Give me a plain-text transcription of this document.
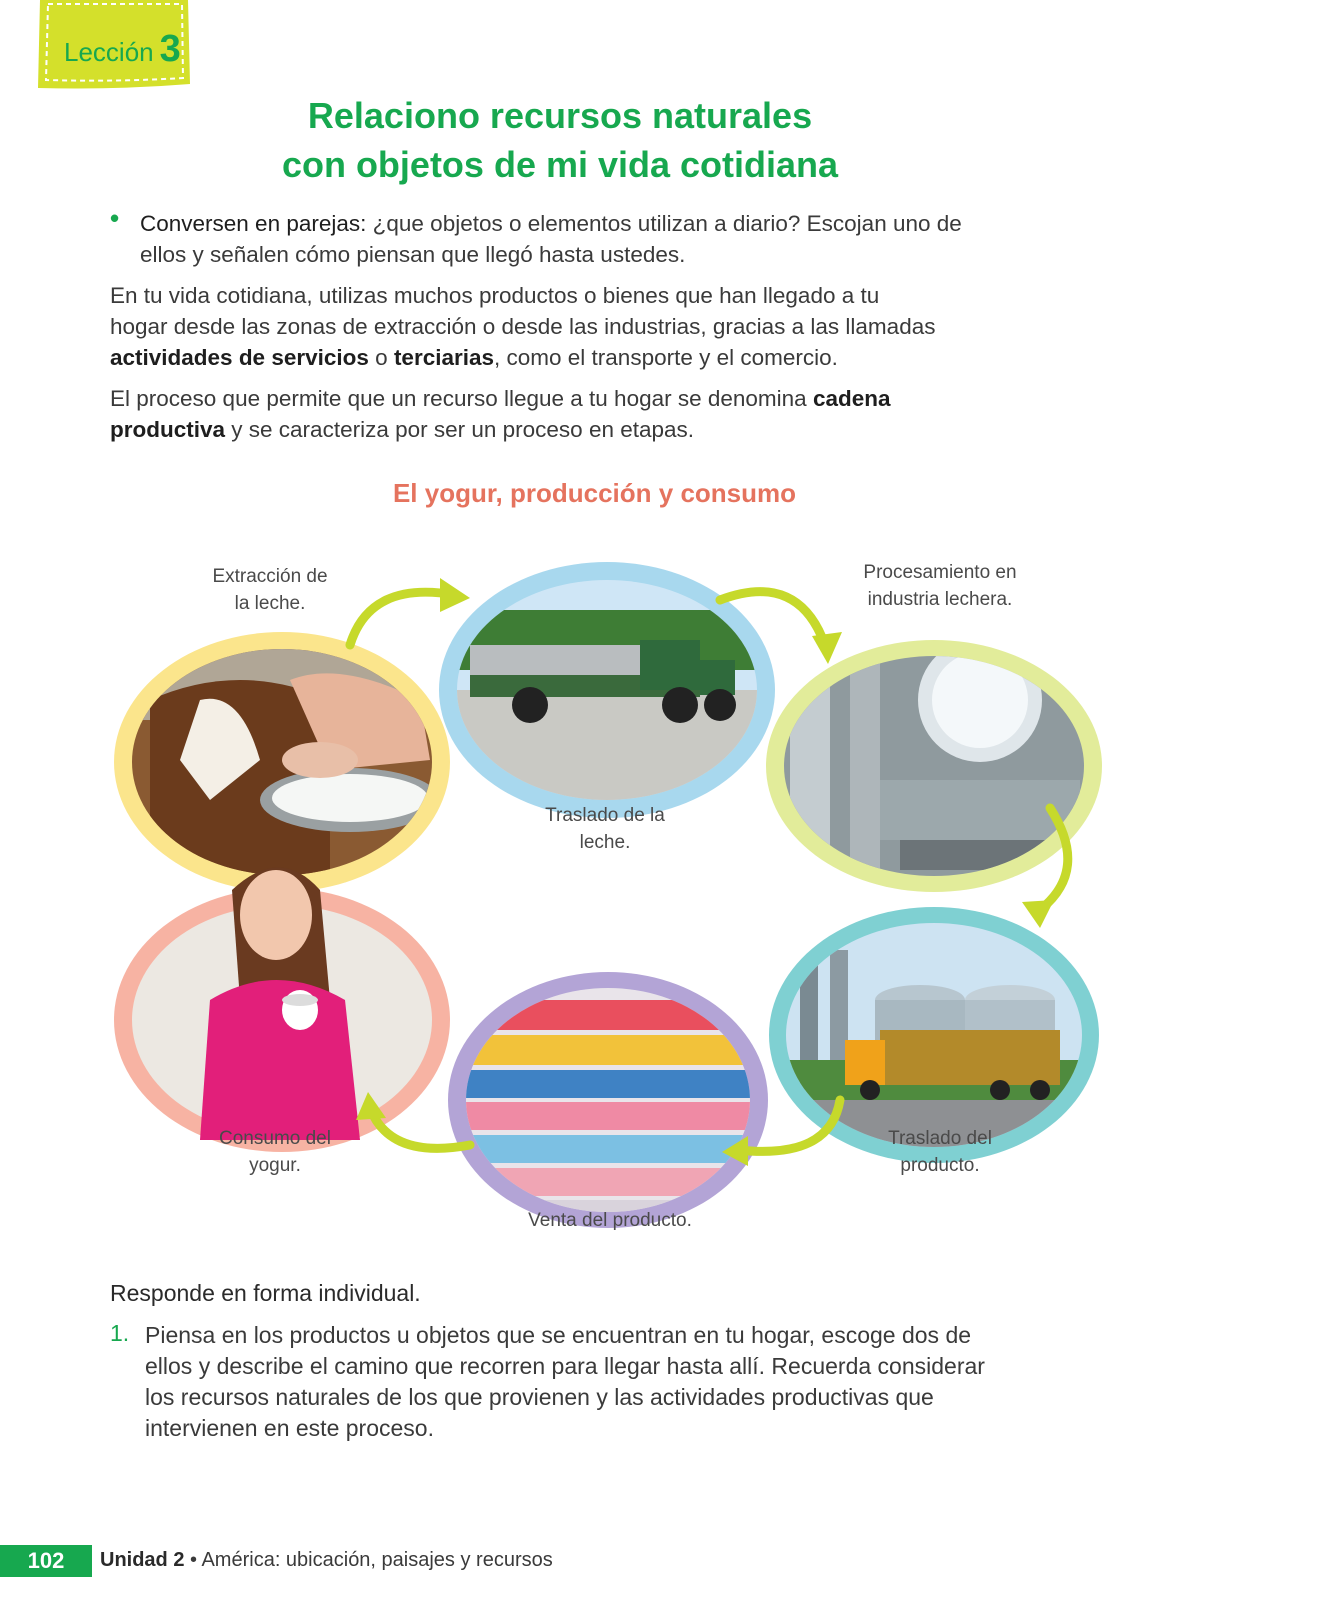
Lección 3
Relaciono recursos naturales
con objetos de mi vida cotidiana
• Conversen en parejas: ¿que objetos o elementos utilizan a diario? Escojan uno de
ellos y señalen cómo piensan que llegó hasta ustedes.
En tu vida cotidiana, utilizas muchos productos o bienes que han llegado a tu
hogar desde las zonas de extracción o desde las industrias, gracias a las llamadas
actividades de servicios o terciarias, como el transporte y el comercio.
El proceso que permite que un recurso llegue a tu hogar se denomina cadena
productiva y se caracteriza por ser un proceso en etapas.
El yogur, producción y consumo
Extracción de
la leche.
Traslado de la
leche.
Procesamiento en
industria lechera.
Traslado del
producto.
Venta del producto.
Consumo del
yogur.
Responde en forma individual.
1. Piensa en los productos u objetos que se encuentran en tu hogar, escoge dos de
ellos y describe el camino que recorren para llegar hasta allí. Recuerda considerar
los recursos naturales de los que provienen y las actividades productivas que
intervienen en este proceso.
102	Unidad 2 • América: ubicación, paisajes y recursos
